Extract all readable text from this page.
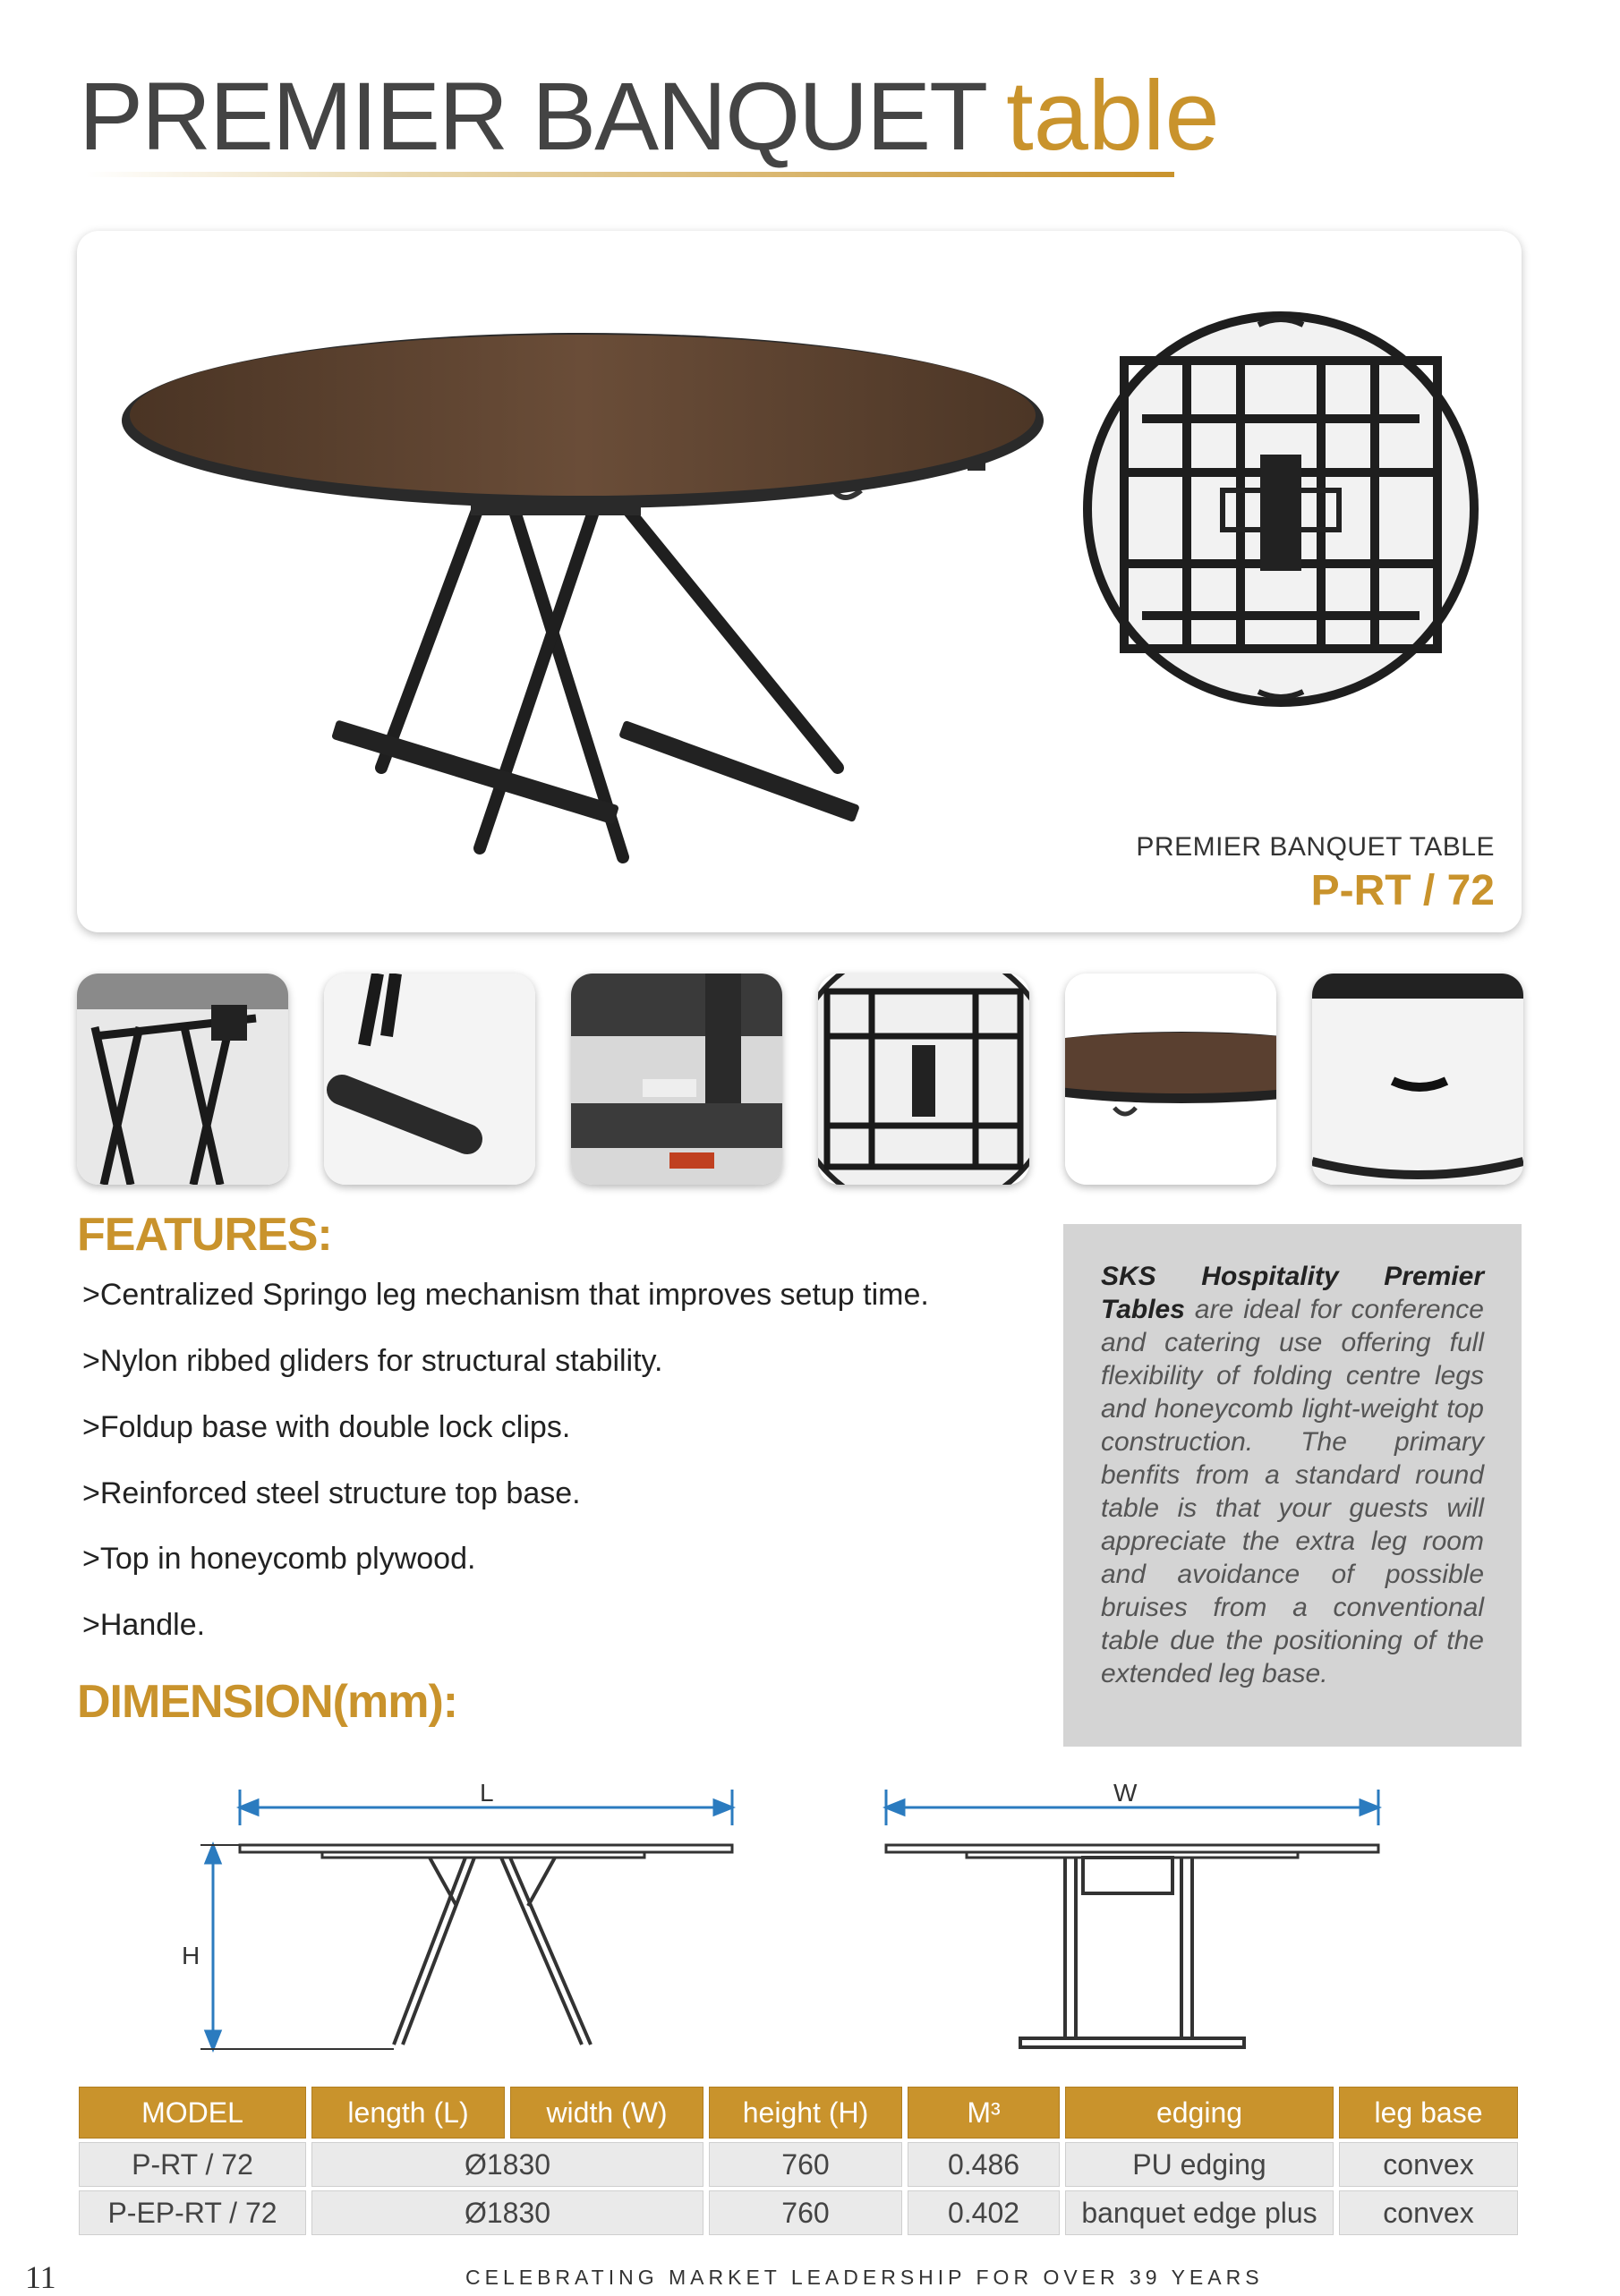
PREMIER BANQUET table
PREMIER BANQUET TABLE
P-RT / 72
FEATURES:
>Centralized Springo leg mechanism that improves setup time.
>Nylon ribbed gliders for structural stability.
>Foldup base with double lock clips.
>Reinforced steel structure top base.
>Top in honeycomb plywood.
>Handle.
SKS Hospitality Premier Tables are ideal for conference and catering use offering full flexibility of folding centre legs and honeycomb light-weight top construction. The primary benfits from a standard round table is that your guests will appreciate the extra leg room and avoidance of possible bruises from a conventional table due the positioning of the extended leg base.
DIMENSION(mm):
L
H
W
MODEL	length (L)	width (W)	height (H)	M³	edging	leg base
P-RT / 72	Ø1830		760	0.486	PU edging	convex
P-EP-RT / 72	Ø1830		760	0.402	banquet edge plus	convex
11	CELEBRATING MARKET LEADERSHIP FOR OVER 39 YEARS
